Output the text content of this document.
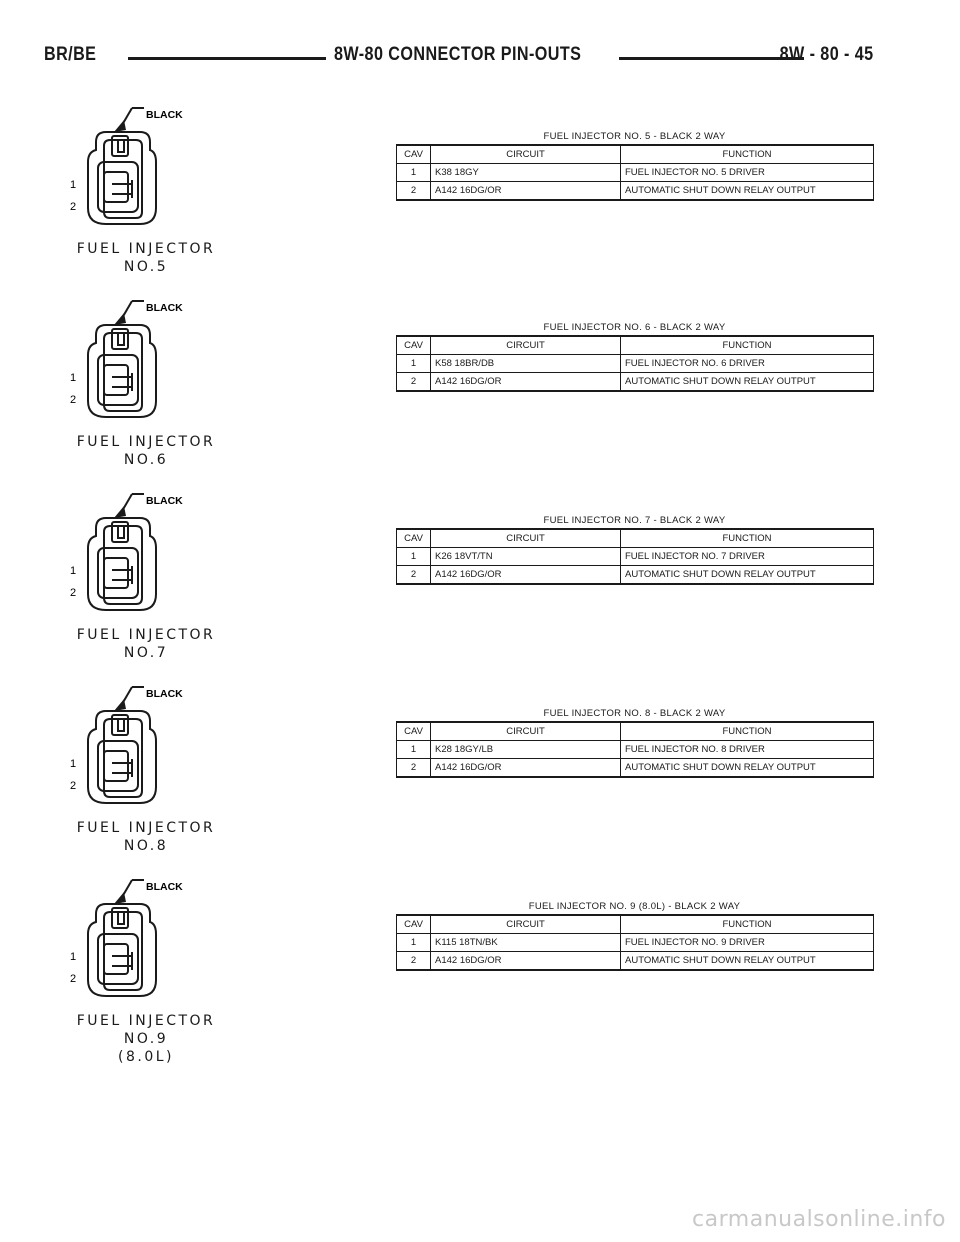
BR/BE	8W-80 CONNECTOR PIN-OUTS	8W - 80 - 45
BLACK
1
2
FUEL INJECTOR
NO.5
FUEL INJECTOR NO. 5 - BLACK 2 WAY
CAV	CIRCUIT	FUNCTION
1	K38 18GY	FUEL INJECTOR NO. 5 DRIVER
2	A142 16DG/OR	AUTOMATIC SHUT DOWN RELAY OUTPUT
BLACK
1
2
FUEL INJECTOR
NO.6
FUEL INJECTOR NO. 6 - BLACK 2 WAY
CAV	CIRCUIT	FUNCTION
1	K58 18BR/DB	FUEL INJECTOR NO. 6 DRIVER
2	A142 16DG/OR	AUTOMATIC SHUT DOWN RELAY OUTPUT
BLACK
1
2
FUEL INJECTOR
NO.7
FUEL INJECTOR NO. 7 - BLACK 2 WAY
CAV	CIRCUIT	FUNCTION
1	K26 18VT/TN	FUEL INJECTOR NO. 7 DRIVER
2	A142 16DG/OR	AUTOMATIC SHUT DOWN RELAY OUTPUT
BLACK
1
2
FUEL INJECTOR
NO.8
FUEL INJECTOR NO. 8 - BLACK 2 WAY
CAV	CIRCUIT	FUNCTION
1	K28 18GY/LB	FUEL INJECTOR NO. 8 DRIVER
2	A142 16DG/OR	AUTOMATIC SHUT DOWN RELAY OUTPUT
BLACK
1
2
FUEL INJECTOR
NO.9
(8.0L)
FUEL INJECTOR NO. 9 (8.0L) - BLACK 2 WAY
CAV	CIRCUIT	FUNCTION
1	K115 18TN/BK	FUEL INJECTOR NO. 9 DRIVER
2	A142 16DG/OR	AUTOMATIC SHUT DOWN RELAY OUTPUT
carmanualsonline.info
